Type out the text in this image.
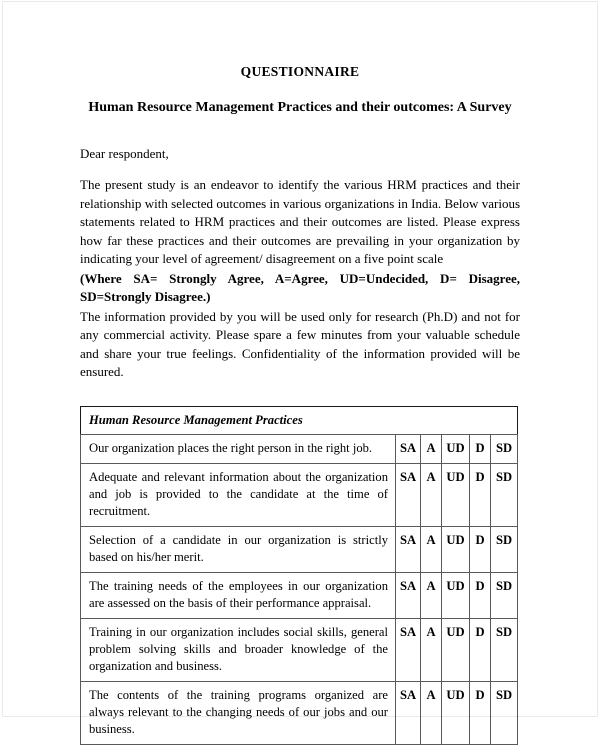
QUESTIONNAIRE
Human Resource Management Practices and their outcomes: A Survey

Dear respondent,

The present study is an endeavor to identify the various HRM practices and their relationship with selected outcomes in various organizations in India. Below various statements related to HRM practices and their outcomes are listed. Please express how far these practices and their outcomes are prevailing in your organization by indicating your level of agreement/ disagreement on a five point scale

(Where SA= Strongly Agree, A=Agree, UD=Undecided, D= Disagree, SD=Strongly Disagree.)

The information provided by you will be used only for research (Ph.D) and not for any commercial activity. Please spare a few minutes from your valuable schedule and share your true feelings. Confidentiality of the information provided will be ensured.

Human Resource Management Practices					
Our organization places the right person in the right job.	SA	A	UD	D	SD
Adequate and relevant information about the organization and job is provided to the candidate at the time of recruitment.	SA	A	UD	D	SD
Selection of a candidate in our organization is strictly based on his/her merit.	SA	A	UD	D	SD
The training needs of the employees in our organization are assessed on the basis of their performance appraisal.	SA	A	UD	D	SD
Training in our organization includes social skills, general problem solving skills and broader knowledge of the organization and business.	SA	A	UD	D	SD
The contents of the training programs organized are always relevant to the changing needs of our jobs and our business.	SA	A	UD	D	SD
